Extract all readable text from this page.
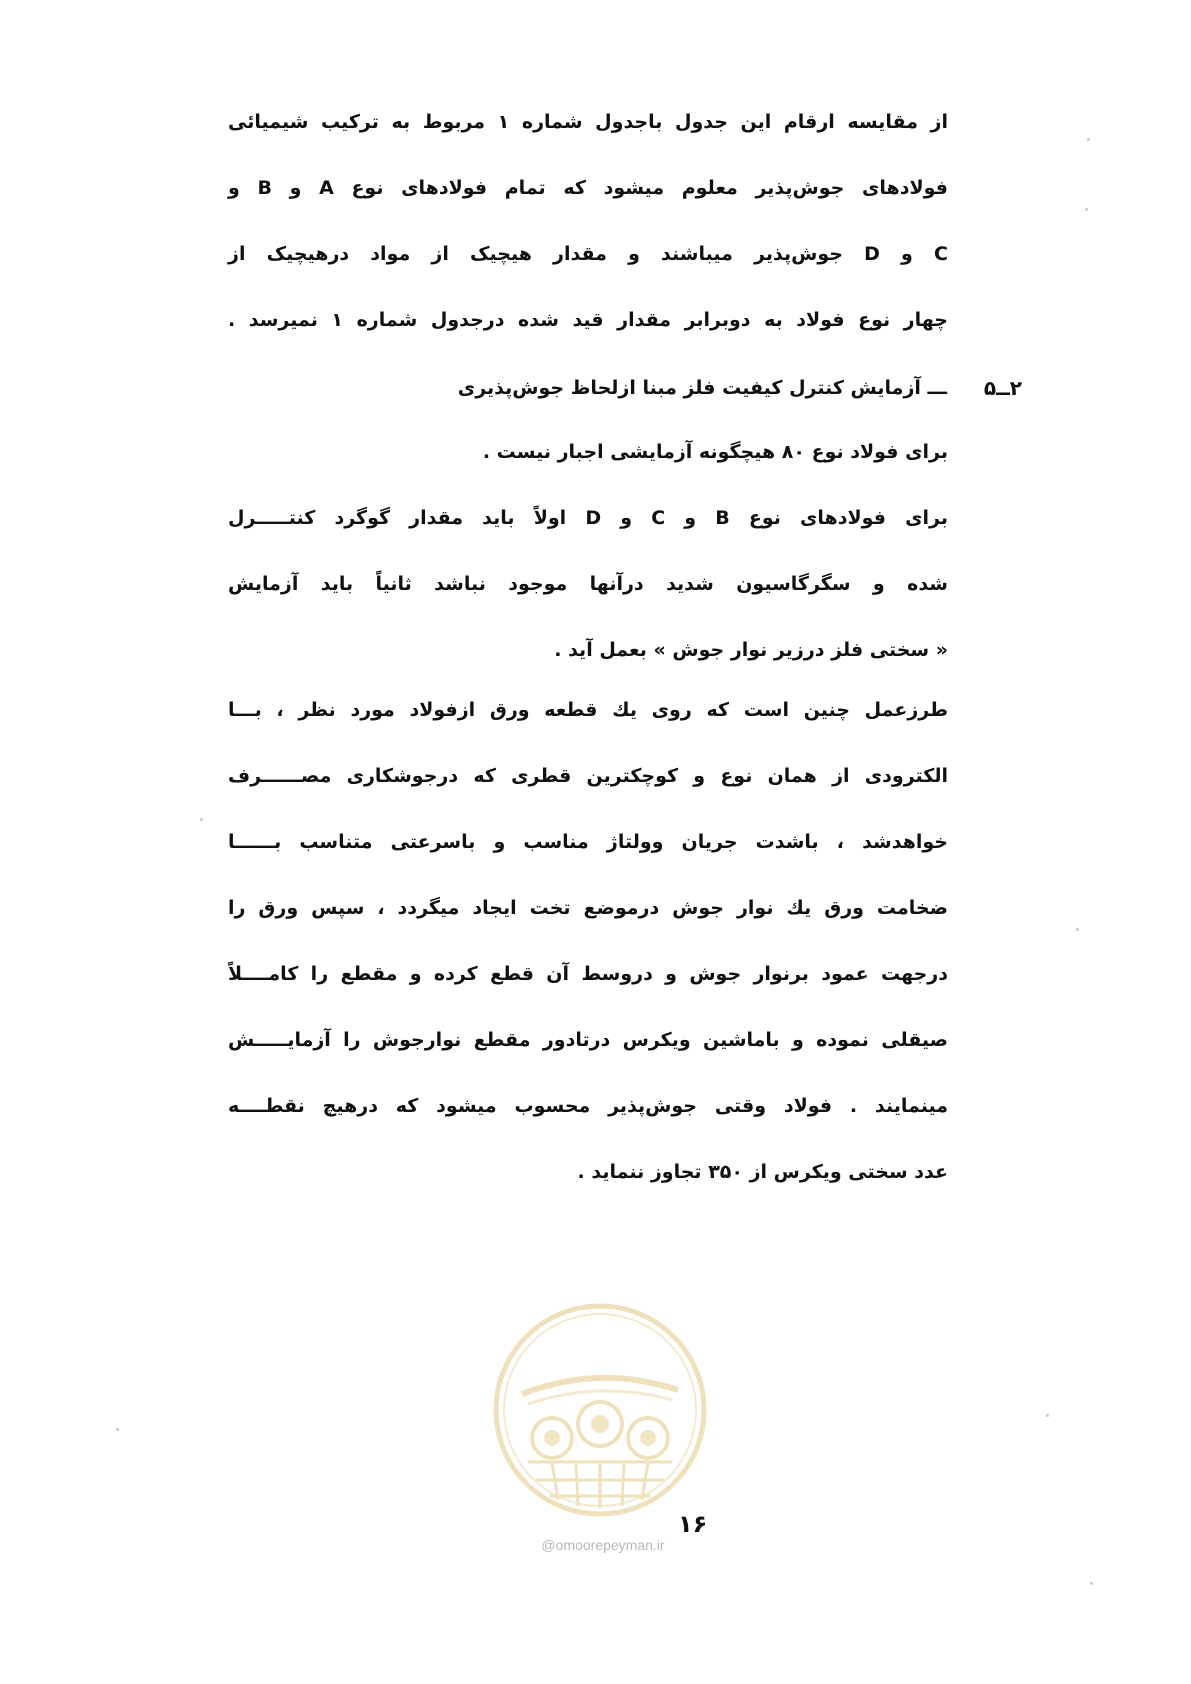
از مقایسه ارقام این جدول باجدول شماره ۱ مربوط به ترکیب شیمیائی
فولادهای جوش‌پذیر معلوم میشود که تمام فولادهای نوع A و B و
C و D جوش‌پذیر میباشند و مقدار هیچیک از مواد درهیچیک از
چهار نوع فولاد به دوبرابر مقدار قید شده درجدول شماره ۱ نمیرسد .
۲ــ۵
ـــ آزمایش کنترل کیفیت فلز مبنا ازلحاظ جوش‌پذیری
برای فولاد نوع ۸۰ هیچگونه آزمایشی اجبار نیست .
برای فولادهای نوع B و C و D اولاً باید مقدار گوگرد کنتـــــرل
شده و سگرگاسیون شدید درآنها موجود نباشد ثانیاً باید آزمایش
« سختی فلز درزیر نوار جوش » بعمل آید .
طرزعمل چنین است که روی یك قطعه ورق ازفولاد مورد نظر ، بـــا
الکترودی از همان نوع و کوچکترین قطری که درجوشکاری مصــــــرف
خواهدشد ، باشدت جریان وولتاژ مناسب و باسرعتی متناسب بــــــا
ضخامت ورق یك نوار جوش درموضع تخت ایجاد میگردد ، سپس ورق را
درجهت عمود برنوار جوش و دروسط آن قطع کرده و مقطع را کامــــلاً
صیقلی نموده و باماشین ویکرس درتادور مقطع نوارجوش را آزمایـــــش
مینمایند . فولاد وقتی جوش‌پذیر محسوب میشود که درهیچ نقطــــه
عدد سختی ویکرس از ۳۵۰ تجاوز ننماید .
@omoorepeyman.ir
۱۶
